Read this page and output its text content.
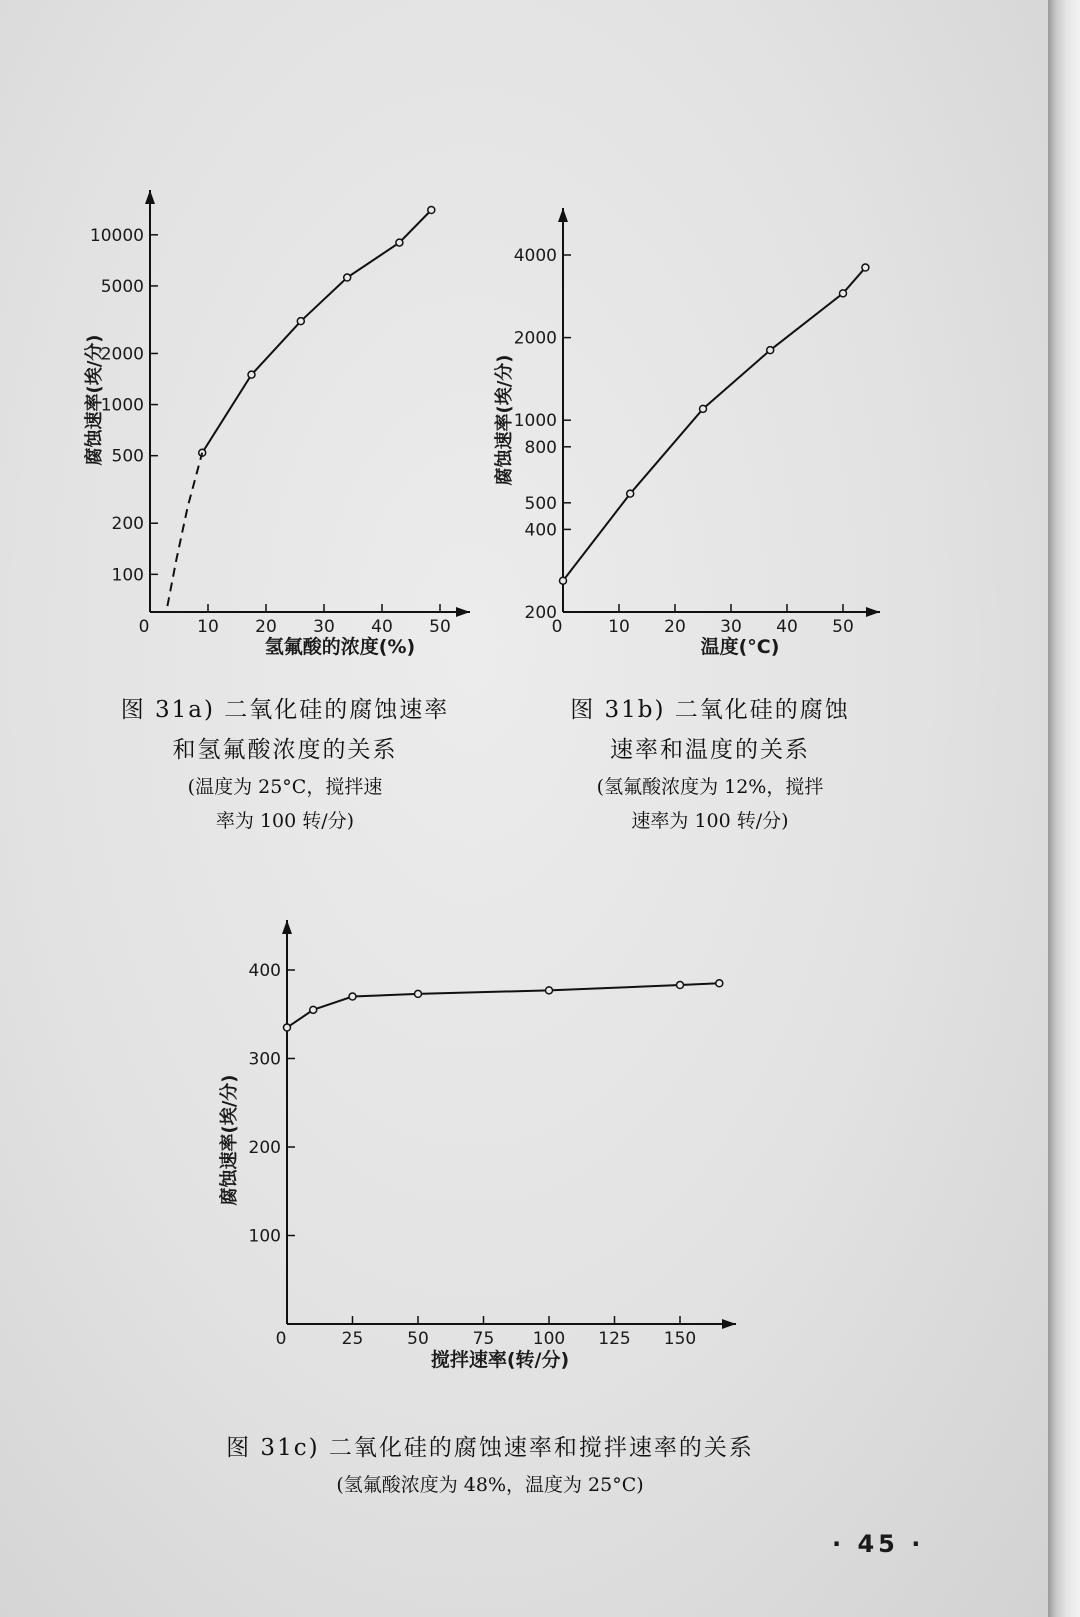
0	10 20 30 40 50
100
200
500
1000
2000
5000
10000
氢氟酸的浓度(%)
腐蚀速率(埃/分)
0	10 20 30 40 50
200
400
500
800
1000
2000
4000
温度(°C)
腐蚀速率(埃/分)
0	25	50	75 100 125 150
100
200
300
400
搅拌速率(转/分)
腐蚀速率(埃/分)
图 31a) 二氧化硅的腐蚀速率
和氢氟酸浓度的关系
(温度为 25°C，搅拌速
率为 100 转/分)
图 31b) 二氧化硅的腐蚀
速率和温度的关系
(氢氟酸浓度为 12%，搅拌
速率为 100 转/分)
图 31c) 二氧化硅的腐蚀速率和搅拌速率的关系
(氢氟酸浓度为 48%，温度为 25°C)
· 45 ·
